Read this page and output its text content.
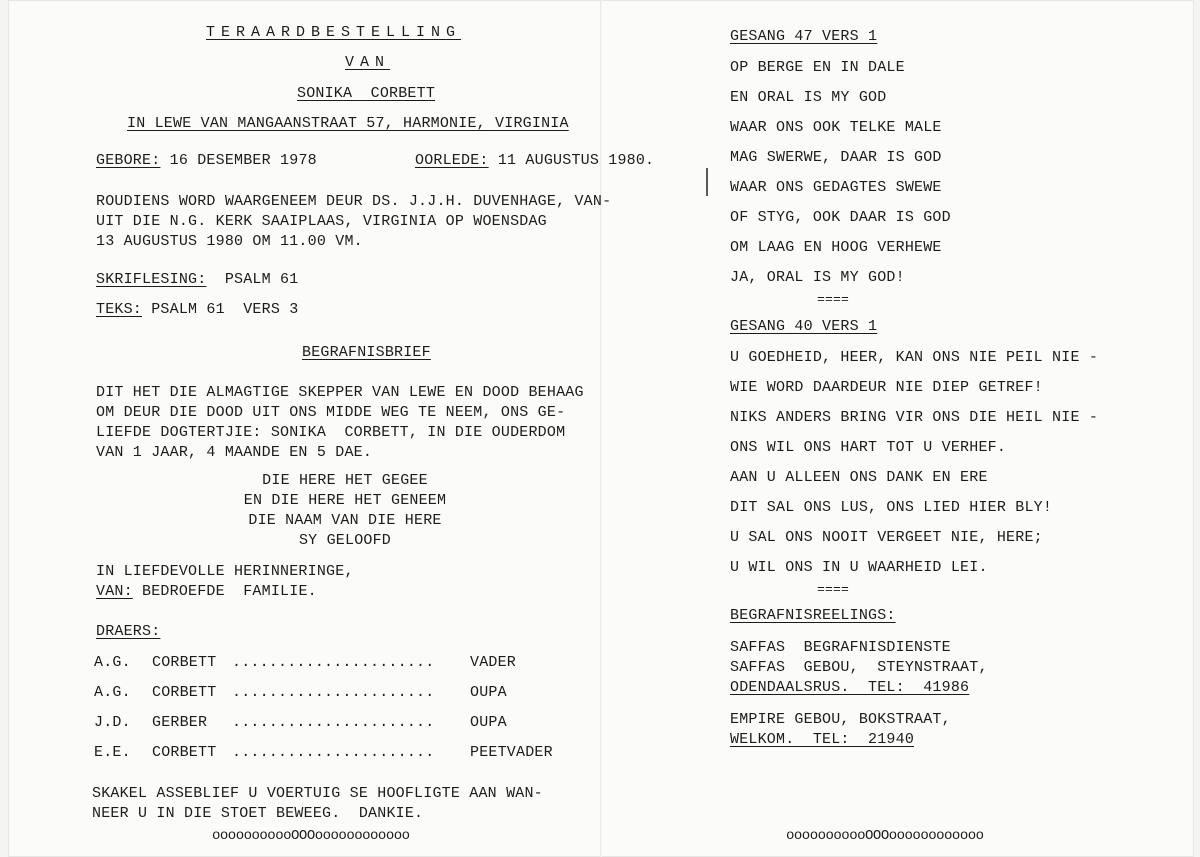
TERAARDBESTELLING
VAN
SONIKA  CORBETT
IN LEWE VAN MANGAANSTRAAT 57, HARMONIE, VIRGINIA
GEBORE: 16 DESEMBER 1978	OORLEDE: 11 AUGUSTUS 1980.
ROUDIENS WORD WAARGENEEM DEUR DS. J.J.H. DUVENHAGE, VAN-
UIT DIE N.G. KERK SAAIPLAAS, VIRGINIA OP WOENSDAG
13 AUGUSTUS 1980 OM 11.00 VM.
SKRIFLESING:  PSALM 61
TEKS: PSALM 61  VERS 3
BEGRAFNISBRIEF
DIT HET DIE ALMAGTIGE SKEPPER VAN LEWE EN DOOD BEHAAG
OM DEUR DIE DOOD UIT ONS MIDDE WEG TE NEEM, ONS GE-
LIEFDE DOGTERTJIE: SONIKA  CORBETT, IN DIE OUDERDOM
VAN 1 JAAR, 4 MAANDE EN 5 DAE.
DIE HERE HET GEGEE
EN DIE HERE HET GENEEM
DIE NAAM VAN DIE HERE
SY GELOOFD
IN LIEFDEVOLLE HERINNERINGE,
VAN: BEDROEFDE  FAMILIE.
DRAERS:
A.G. CORBETT ...................... VADER
A.G. CORBETT ...................... OUPA
J.D. GERBER ...................... OUPA
E.E. CORBETT ...................... PEETVADER
SKAKEL ASSEBLIEF U VOERTUIG SE HOOFLIGTE AAN WAN-
NEER U IN DIE STOET BEWEEG.  DANKIE.
ooooooooooOOOoooooooooooo
GESANG 47 VERS 1
OP BERGE EN IN DALE
EN ORAL IS MY GOD
WAAR ONS OOK TELKE MALE
MAG SWERWE, DAAR IS GOD
WAAR ONS GEDAGTES SWEWE
OF STYG, OOK DAAR IS GOD
OM LAAG EN HOOG VERHEWE
JA, ORAL IS MY GOD!
====
GESANG 40 VERS 1
U GOEDHEID, HEER, KAN ONS NIE PEIL NIE -
WIE WORD DAARDEUR NIE DIEP GETREF!
NIKS ANDERS BRING VIR ONS DIE HEIL NIE -
ONS WIL ONS HART TOT U VERHEF.
AAN U ALLEEN ONS DANK EN ERE
DIT SAL ONS LUS, ONS LIED HIER BLY!
U SAL ONS NOOIT VERGEET NIE, HERE;
U WIL ONS IN U WAARHEID LEI.
====
BEGRAFNISREELINGS:
SAFFAS  BEGRAFNISDIENSTE
SAFFAS  GEBOU,  STEYNSTRAAT,
ODENDAALSRUS.  TEL:  41986
EMPIRE GEBOU, BOKSTRAAT,
WELKOM.  TEL:  21940
ooooooooooOOOoooooooooooo
